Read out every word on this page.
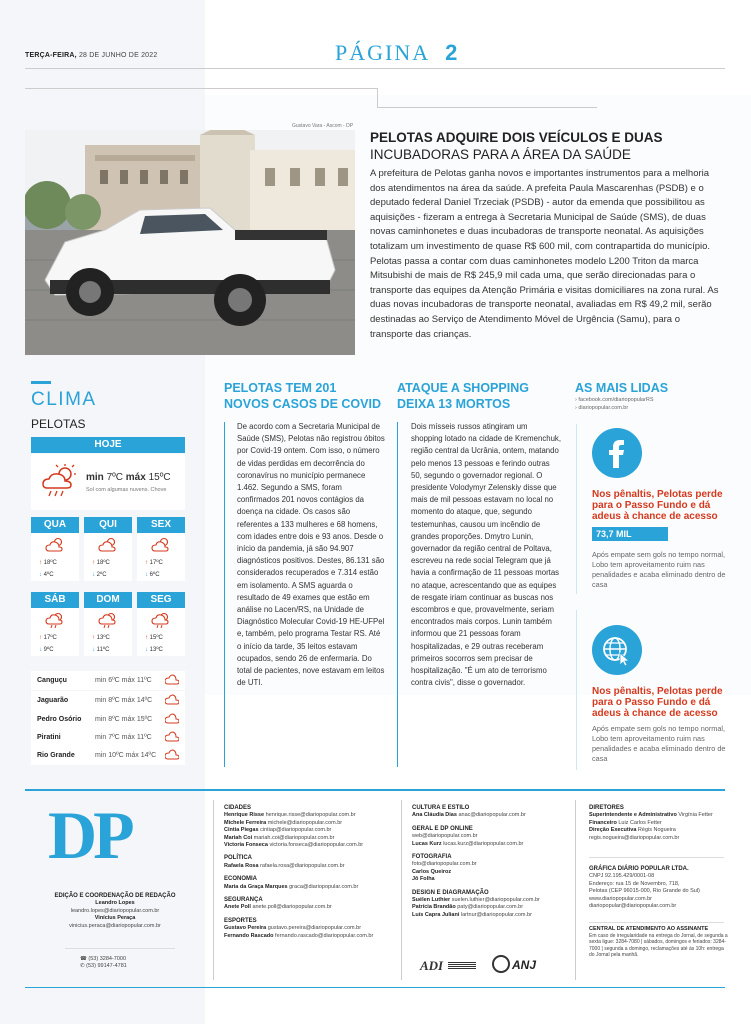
TERÇA-FEIRA, 28 DE JUNHO DE 2022	PÁGINA 2
Gustavo Vara - Ascom - DP
PELOTAS ADQUIRE DOIS VEÍCULOS E DUAS
INCUBADORAS PARA A ÁREA DA SAÚDE
A prefeitura de Pelotas ganha novos e importantes instrumentos para a melhoria dos atendimentos na área da saúde. A prefeita Paula Mascarenhas (PSDB) e o deputado federal Daniel Trzeciak (PSDB) - autor da emenda que possibilitou as aquisições - fizeram a entrega à Secretaria Municipal de Saúde (SMS), de duas novas caminhonetes e duas incubadoras de transporte neonatal. As aquisições totalizam um investimento de quase R$ 600 mil, com contrapartida do município. Pelotas passa a contar com duas caminhonetes modelo L200 Triton da marca Mitsubishi de mais de R$ 245,9 mil cada uma, que serão direcionadas para o transporte das equipes da Atenção Primária e visitas domiciliares na zona rural. As duas novas incubadoras de transporte neonatal, avaliadas em R$ 49,2 mil, serão destinadas ao Serviço de Atendimento Móvel de Urgência (Samu), para o transporte das crianças.
CLIMA
PELOTAS
HOJE
min 7ºC máx 15ºC
Sol com algumas nuvens. Chove
QUA
↑ 18ºC
↓ 4ºC
QUI
↑ 18ºC
↓ 2ºC
SEX
↑ 17ºC
↓ 6ºC
SÁB
↑ 17ºC
↓ 9ºC
DOM
↑ 13ºC
↓ 11ºC
SEG
↑ 15ºC
↓ 13ºC
Canguçu	min 6ºC máx 11ºC
Jaguarão	min 8ºC máx 14ºC
Pedro Osório min 8ºC máx 15ºC
Piratini	min 7ºC máx 11ºC
Rio Grande	min 10ºC máx 14ºC
PELOTAS TEM 201
NOVOS CASOS DE COVID
De acordo com a Secretaria Municipal de Saúde (SMS), Pelotas não registrou óbitos por Covid-19 ontem. Com isso, o número de vidas perdidas em decorrência do coronavírus no município permanece 1.462. Segundo a SMS, foram confirmados 201 novos contágios da doença na cidade. Os casos são referentes a 133 mulheres e 68 homens, com idades entre dois e 93 anos. Desde o início da pandemia, já são 94.907 diagnósticos positivos. Destes, 86.131 são considerados recuperados e 7.314 estão em isolamento. A SMS aguarda o resultado de 49 exames que estão em análise no Lacen/RS, na Unidade de Diagnóstico Molecular Covid-19 HE-UFPel e, também, pelo programa Testar RS. Até o início da tarde, 35 leitos estavam ocupados, sendo 26 de enfermaria. Do total de pacientes, nove estavam em leitos de UTI.
ATAQUE A SHOPPING
DEIXA 13 MORTOS
Dois mísseis russos atingiram um shopping lotado na cidade de Kremenchuk, região central da Ucrânia, ontem, matando pelo menos 13 pessoas e ferindo outras 50, segundo o governador regional. O presidente Volodymyr Zelenskiy disse que mais de mil pessoas estavam no local no momento do ataque, que, segundo testemunhas, causou um incêndio de grandes proporções. Dmytro Lunin, governador da região central de Poltava, escreveu na rede social Telegram que já havia a confirmação de 11 pessoas mortas no ataque, acrescentando que as equipes de resgate iriam continuar as buscas nos escombros e que, provavelmente, seriam encontrados mais corpos. Lunin também informou que 21 pessoas foram hospitalizadas, e 29 outras receberam primeiros socorros sem precisar de hospitalização. "É um ato de terrorismo contra civis", disse o governador.
AS MAIS LIDAS
› facebook.com/diariopopularRS
› diariopopular.com.br
Nos pênaltis, Pelotas perde para o Passo Fundo e dá adeus à chance de acesso
73,7 MIL
Após empate sem gols no tempo normal, Lobo tem aproveitamento ruim nas penalidades e acaba eliminado dentro de casa
Nos pênaltis, Pelotas perde para o Passo Fundo e dá adeus à chance de acesso
Após empate sem gols no tempo normal, Lobo tem aproveitamento ruim nas penalidades e acaba eliminado dentro de casa
DP
EDIÇÃO E COORDENAÇÃO DE REDAÇÃO
Leandro Lopes
leandro.lopes@diariopopular.com.br
Vinícius Peraça
vinicius.peraca@diariopopular.com.br
☎ (53) 3284-7000
✆ (53) 99147-4781
CIDADES
Henrique Risse henrique.risse@diariopopular.com.br
Michele Ferreira michele@diariopopular.com.br
Cintia Piegas cintiap@diariopopular.com.br
Mariah Coi mariah.coi@diariopopular.com.br
Victoria Fonseca victoria.fonseca@diariopopular.com.br
POLÍTICA
Rafaela Rosa rafaela.rosa@diariopopular.com.br
ECONOMIA
Maria da Graça Marques graca@diariopopular.com.br
SEGURANÇA
Anete Poll anete.poll@diariopopular.com.br
ESPORTES
Gustavo Pereira gustavo.pereira@diariopopular.com.br
Fernando Rascado fernando.rascado@diariopopular.com.br
CULTURA E ESTILO
Ana Cláudia Dias anac@diariopopular.com.br
GERAL E DP ONLINE
web@diariopopular.com.br
Lucas Kurz lucas.kurz@diariopopular.com.br
FOTOGRAFIA
foto@diariopopular.com.br
Carlos Queiroz
Jô Folha
DESIGN E DIAGRAMAÇÃO
Suélen Luthier suelen.luthier@diariopopular.com.br
Patrícia Brandão paty@diariopopular.com.br
Luís Capra Juliani lartnur@diariopopular.com.br
ADI	ANJ
DIRETORES
Superintendente e Administrativo Virgínia Fetter
Financeiro Luiz Carlos Fetter
Direção Executiva Régis Nogueira
regis.nogueira@diariopopular.com.br
GRÁFICA DIÁRIO POPULAR LTDA.
CNPJ 92.195.429/0001-08
Endereço: rua 15 de Novembro, 718,
Pelotas (CEP 96015-000, Rio Grande do Sul)
www.diariopopular.com.br
diariopopular@diariopopular.com.br
CENTRAL DE ATENDIMENTO AO ASSINANTE
Em caso de irregularidade na entrega do Jornal, de segunda a sexta ligue: 3284-7080 | sábados, domingos e feriados: 3284-7000 | segunda a domingo, reclamações até às 10h: entrega do Jornal pela manhã.
